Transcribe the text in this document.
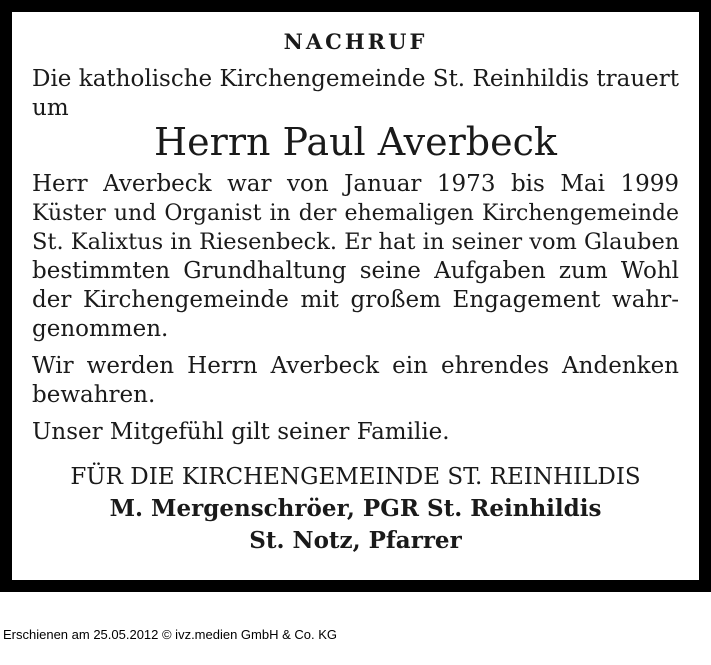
NACHRUF
Die katholische Kirchengemeinde St. Reinhildis trauert
um
Herrn Paul Averbeck
Herr Averbeck war von Januar 1973 bis Mai 1999
Küster und Organist in der ehemaligen Kirchengemeinde
St. Kalixtus in Riesenbeck. Er hat in seiner vom Glauben
bestimmten Grundhaltung seine Aufgaben zum Wohl
der Kirchengemeinde mit großem Engagement wahr-
genommen.
Wir werden Herrn Averbeck ein ehrendes Andenken
bewahren.
Unser Mitgefühl gilt seiner Familie.
FÜR DIE KIRCHENGEMEINDE ST. REINHILDIS
M. Mergenschröer, PGR St. Reinhildis
St. Notz, Pfarrer
Erschienen am 25.05.2012 © ivz.medien GmbH & Co. KG
